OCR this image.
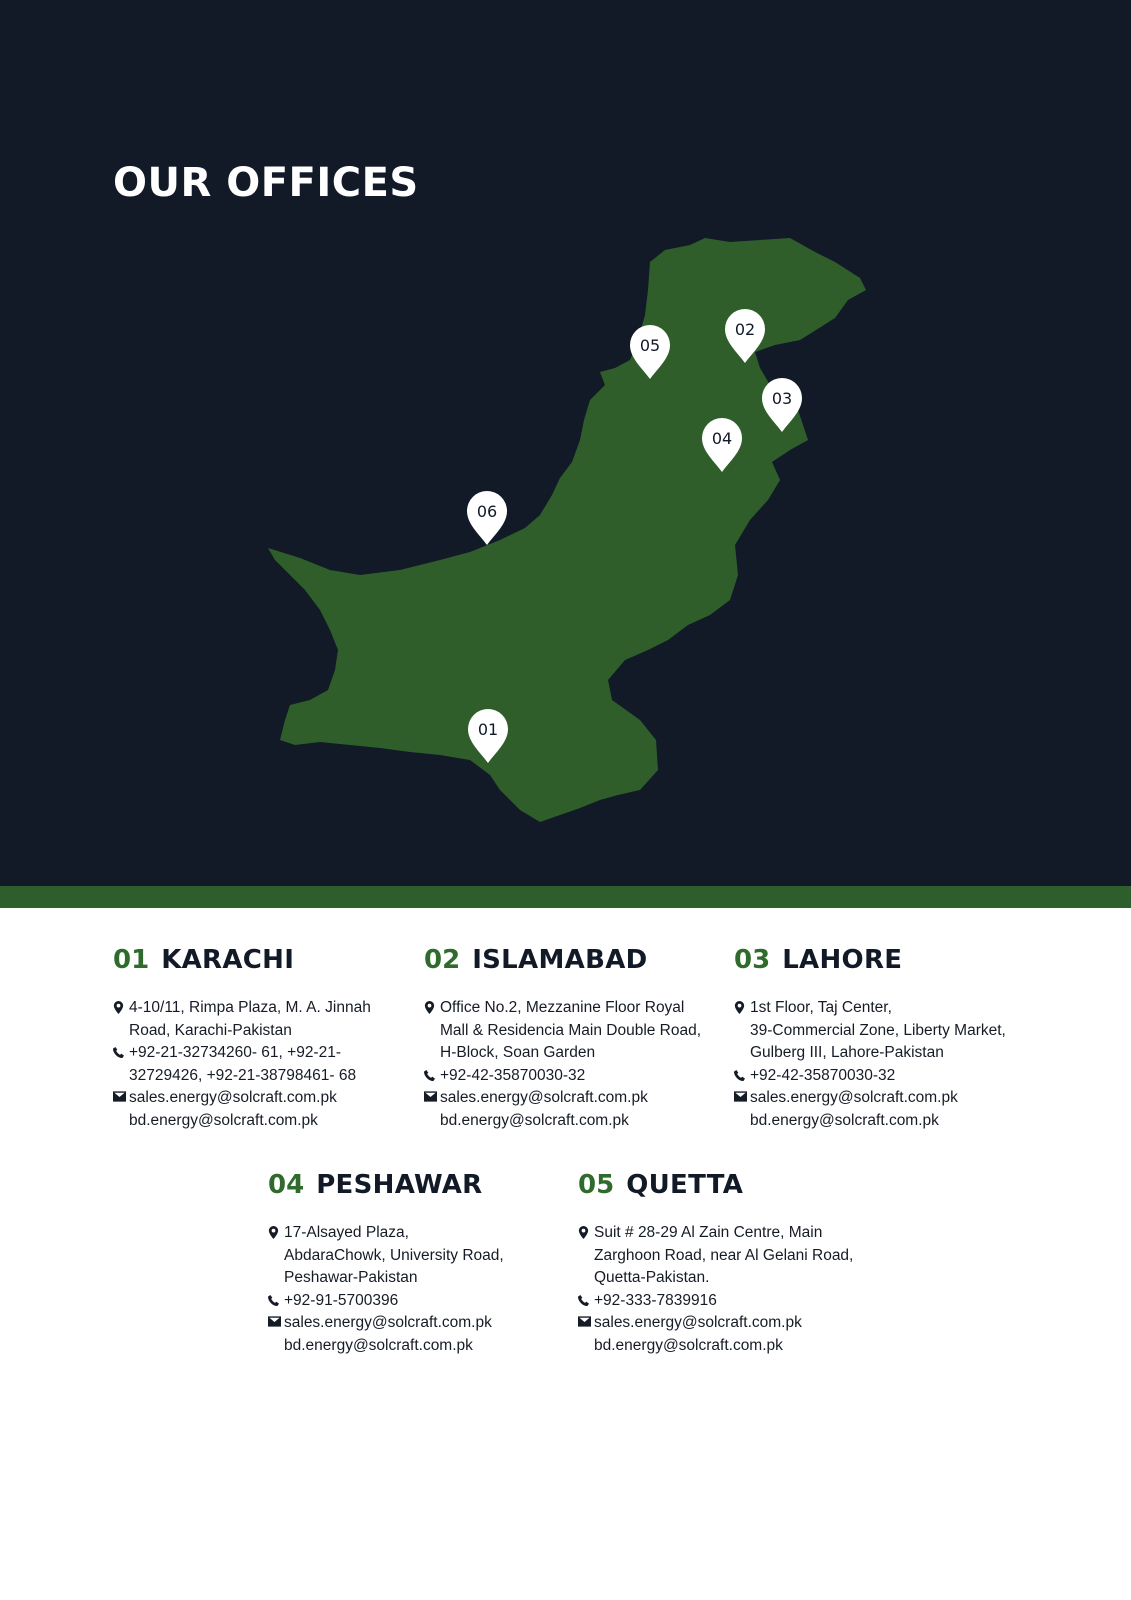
OUR OFFICES
01
02
03
04
05
06
01 KARACHI
4-10/11, Rimpa Plaza, M. A. Jinnah
Road, Karachi-Pakistan
+92-21-32734260- 61, +92-21-
32729426, +92-21-38798461- 68
sales.energy@solcraft.com.pk
bd.energy@solcraft.com.pk
02 ISLAMABAD
Office No.2, Mezzanine Floor Royal
Mall & Residencia Main Double Road,
H-Block, Soan Garden
+92-42-35870030-32
sales.energy@solcraft.com.pk
bd.energy@solcraft.com.pk
03 LAHORE
1st Floor, Taj Center,
39-Commercial Zone, Liberty Market,
Gulberg III, Lahore-Pakistan
+92-42-35870030-32
sales.energy@solcraft.com.pk
bd.energy@solcraft.com.pk
04 PESHAWAR
17-Alsayed Plaza,
AbdaraChowk, University Road,
Peshawar-Pakistan
+92-91-5700396
sales.energy@solcraft.com.pk
bd.energy@solcraft.com.pk
05 QUETTA
Suit # 28-29 Al Zain Centre, Main
Zarghoon Road, near Al Gelani Road,
Quetta-Pakistan.
+92-333-7839916
sales.energy@solcraft.com.pk
bd.energy@solcraft.com.pk
